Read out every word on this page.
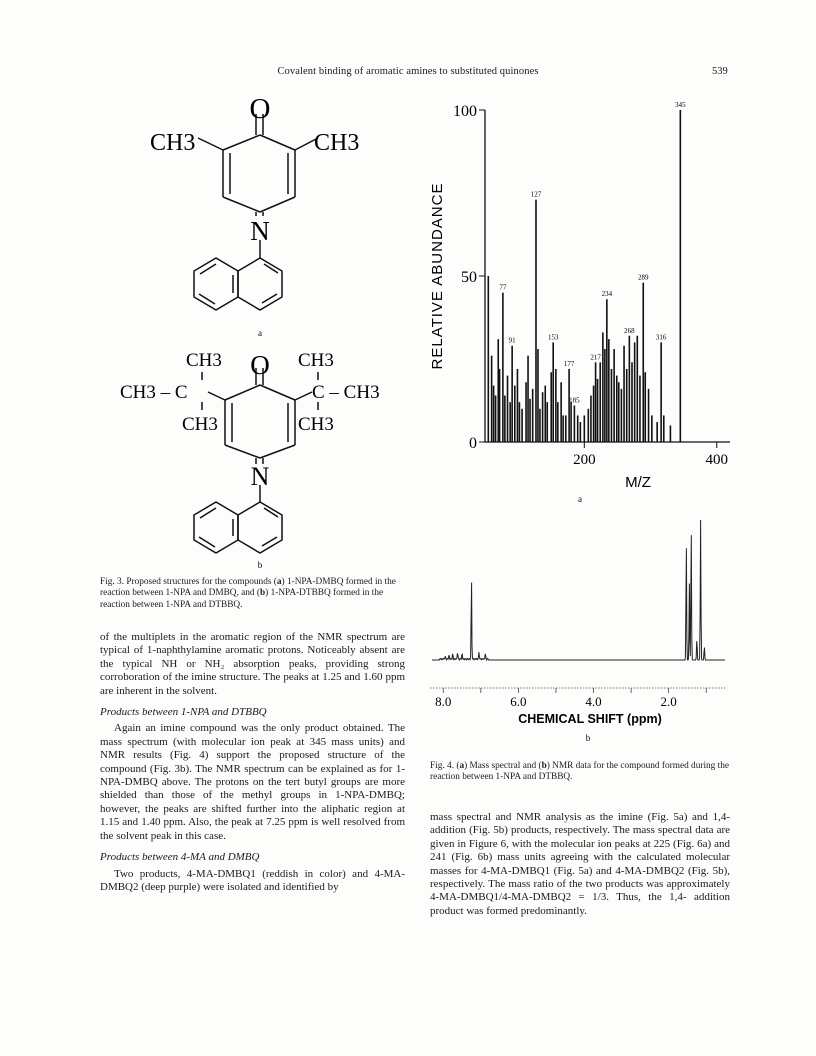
Covalent binding of aromatic amines to substituted quinones	539
O
CH3	CH3
N
a
O
CH3
CH3 – C
CH3
CH3
C – CH3
CH3
N
b
Fig. 3. Proposed structures for the compounds (a) 1-NPA-DMBQ formed in the reaction between 1-NPA and DMBQ, and (b) 1-NPA-DTBBQ formed in the reaction between 1-NPA and DTBBQ.

of the multiplets in the aromatic region of the NMR spectrum are typical of 1-naphthylamine aromatic protons. Noticeably absent are the typical NH or NH₂ absorption peaks, providing strong corroboration of the imine structure. The peaks at 1.25 and 1.60 ppm are inherent in the solvent.

Products between 1-NPA and DTBBQ

Again an imine compound was the only product obtained. The mass spectrum (with molecular ion peak at 345 mass units) and NMR results (Fig. 4) support the proposed structure of the compound (Fig. 3b). The NMR spectrum can be explained as for 1-NPA-DMBQ above. The protons on the tert butyl groups are more shielded than those of the methyl groups in 1-NPA-DMBQ; however, the peaks are shifted further into the aliphatic region at 1.15 and 1.40 ppm. Also, the peak at 7.25 ppm is well resolved from the solvent peak in this case.

Products between 4-MA and DMBQ

Two products, 4-MA-DMBQ1 (reddish in color) and 4-MA-DMBQ2 (deep purple) were isolated and identified by

77
91
127
153
177
185
217
234
268
289
316
345
0
50
100
200	400
RELATIVE ABUNDANCE
M/Z
a
8.0	6.0	4.0	2.0
CHEMICAL SHIFT (ppm)
b
Fig. 4. (a) Mass spectral and (b) NMR data for the compound formed during the reaction between 1-NPA and DTBBQ.

mass spectral and NMR analysis as the imine (Fig. 5a) and 1,4- addition (Fig. 5b) products, respectively. The mass spectral data are given in Figure 6, with the molecular ion peaks at 225 (Fig. 6a) and 241 (Fig. 6b) mass units agreeing with the calculated molecular masses for 4-MA-DMBQ1 (Fig. 5a) and 4-MA-DMBQ2 (Fig. 5b), respectively. The mass ratio of the two products was approximately 4-MA-DMBQ1/4-MA-DMBQ2 = 1/3. Thus, the 1,4- addition product was formed predominantly.
